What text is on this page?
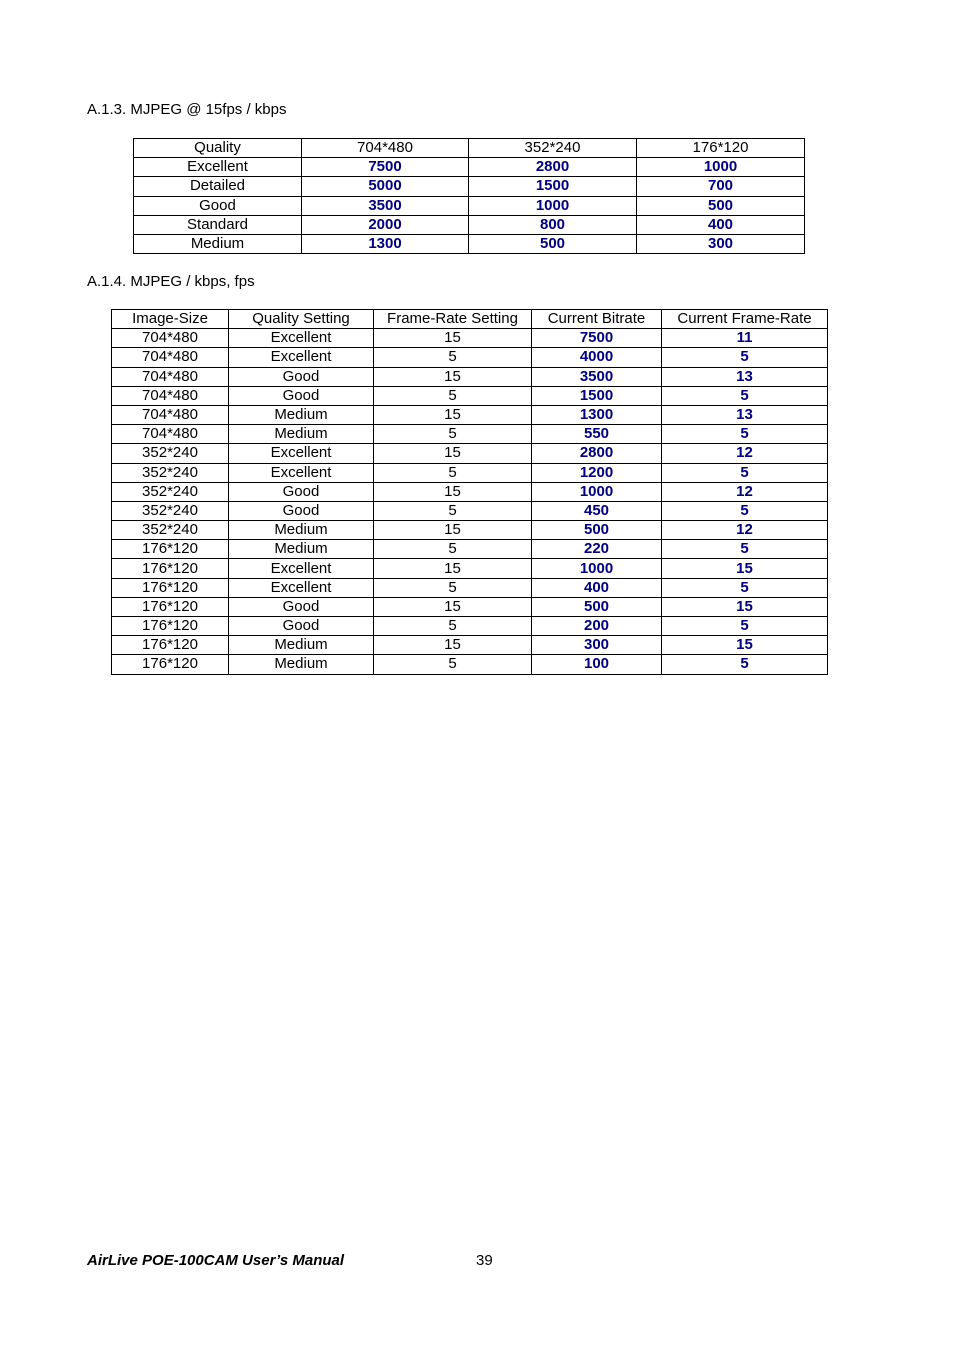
A.1.3. MJPEG @ 15fps / kbps
Quality	704*480	352*240	176*120
Excellent	7500	2800	1000
Detailed	5000	1500	700
Good	3500	1000	500
Standard	2000	800	400
Medium	1300	500	300
A.1.4. MJPEG / kbps, fps
Image-Size	Quality Setting	Frame-Rate Setting	Current Bitrate	Current Frame-Rate
704*480	Excellent	15	7500	11
704*480	Excellent	5	4000	5
704*480	Good	15	3500	13
704*480	Good	5	1500	5
704*480	Medium	15	1300	13
704*480	Medium	5	550	5
352*240	Excellent	15	2800	12
352*240	Excellent	5	1200	5
352*240	Good	15	1000	12
352*240	Good	5	450	5
352*240	Medium	15	500	12
176*120	Medium	5	220	5
176*120	Excellent	15	1000	15
176*120	Excellent	5	400	5
176*120	Good	15	500	15
176*120	Good	5	200	5
176*120	Medium	15	300	15
176*120	Medium	5	100	5
AirLive POE-100CAM User’s Manual	39
